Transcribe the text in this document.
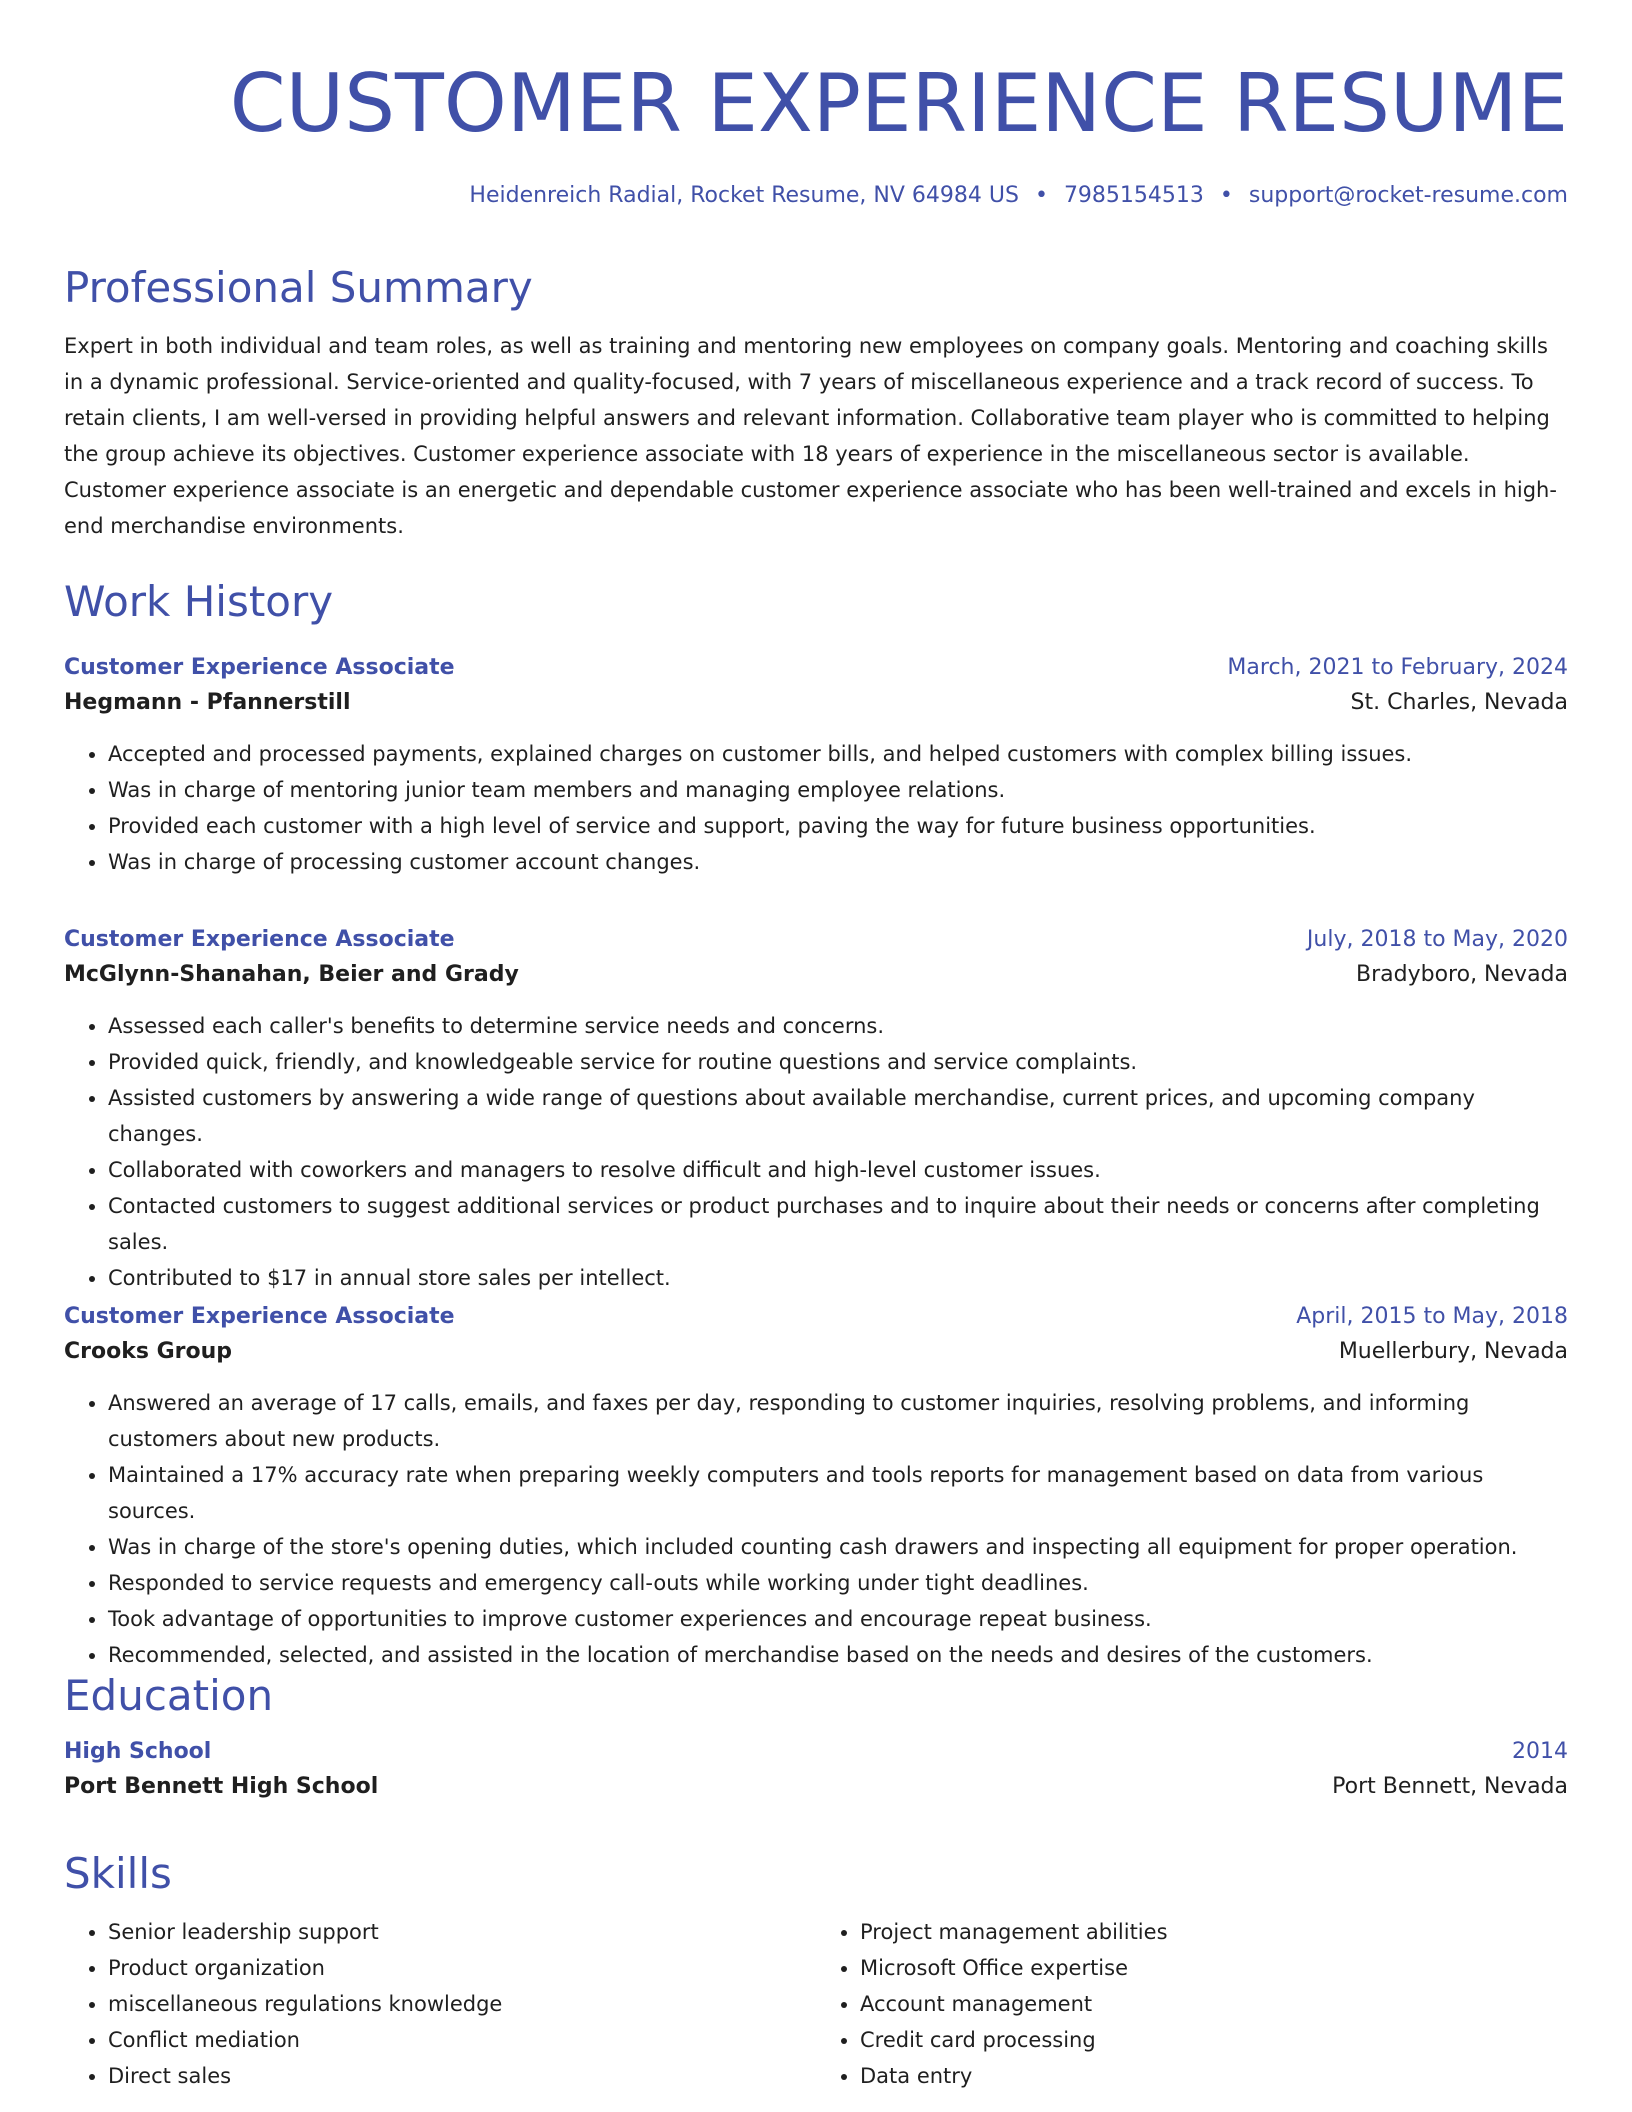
CUSTOMER EXPERIENCE RESUME
Heidenreich Radial, Rocket Resume, NV 64984 US • 7985154513 • support@rocket-resume.com
Professional Summary

Expert in both individual and team roles, as well as training and mentoring new employees on company goals. Mentoring and coaching skills in a dynamic professional. Service-oriented and quality-focused, with 7 years of miscellaneous experience and a track record of success. To retain clients, I am well-versed in providing helpful answers and relevant information. Collaborative team player who is committed to helping the group achieve its objectives. Customer experience associate with 18 years of experience in the miscellaneous sector is available. Customer experience associate is an energetic and dependable customer experience associate who has been well-trained and excels in high-end merchandise environments.

Work History
Customer Experience Associate	March, 2021 to February, 2024
Hegmann - Pfannerstill	St. Charles, Nevada
• Accepted and processed payments, explained charges on customer bills, and helped customers with complex billing issues.
• Was in charge of mentoring junior team members and managing employee relations.
• Provided each customer with a high level of service and support, paving the way for future business opportunities.
• Was in charge of processing customer account changes.
Customer Experience Associate	July, 2018 to May, 2020
McGlynn-Shanahan, Beier and Grady	Bradyboro, Nevada
• Assessed each caller's benefits to determine service needs and concerns.
• Provided quick, friendly, and knowledgeable service for routine questions and service complaints.
• Assisted customers by answering a wide range of questions about available merchandise, current prices, and upcoming company changes.
• Collaborated with coworkers and managers to resolve difficult and high-level customer issues.
• Contacted customers to suggest additional services or product purchases and to inquire about their needs or concerns after completing sales.
• Contributed to $17 in annual store sales per intellect.
Customer Experience Associate	April, 2015 to May, 2018
Crooks Group	Muellerbury, Nevada
• Answered an average of 17 calls, emails, and faxes per day, responding to customer inquiries, resolving problems, and informing customers about new products.
• Maintained a 17% accuracy rate when preparing weekly computers and tools reports for management based on data from various sources.
• Was in charge of the store's opening duties, which included counting cash drawers and inspecting all equipment for proper operation.
• Responded to service requests and emergency call-outs while working under tight deadlines.
• Took advantage of opportunities to improve customer experiences and encourage repeat business.
• Recommended, selected, and assisted in the location of merchandise based on the needs and desires of the customers.
Education
High School	2014
Port Bennett High School	Port Bennett, Nevada
Skills
• Senior leadership support
• Product organization
• miscellaneous regulations knowledge
• Conflict mediation
• Direct sales
• Project management abilities
• Microsoft Office expertise
• Account management
• Credit card processing
• Data entry
